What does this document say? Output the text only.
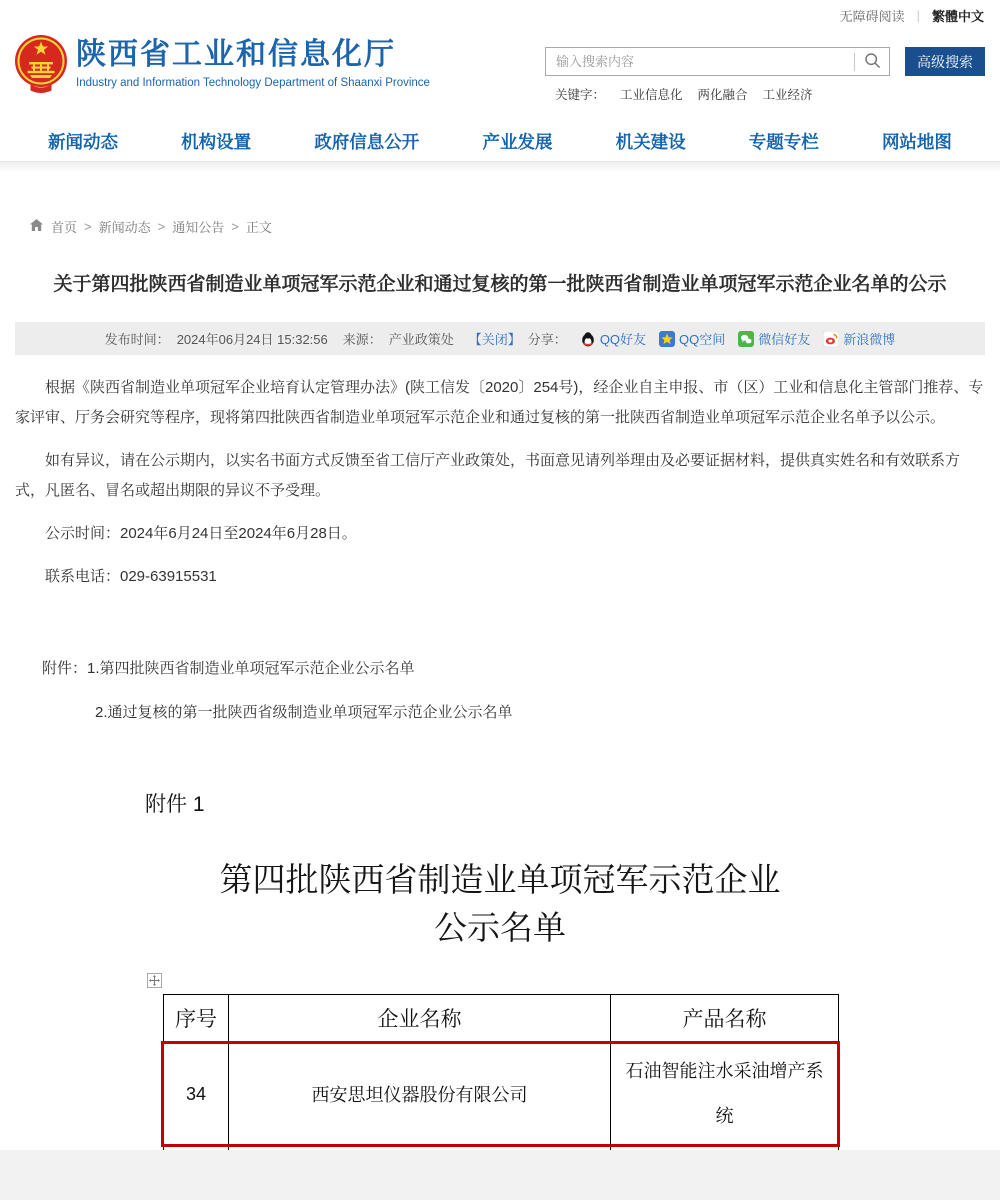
无障碍阅读 | 繁體中文
陕西省工业和信息化厅
Industry and Information Technology Department of Shaanxi Province
输入搜索内容
高级搜索
关键字： 工业信息化 两化融合 工业经济
新闻动态	机构设置	政府信息公开	产业发展	机关建设	专题专栏	网站地图
首页 > 新闻动态 > 通知公告 > 正文
关于第四批陕西省制造业单项冠军示范企业和通过复核的第一批陕西省制造业单项冠军示范企业名单的公示
发布时间： 2024年06月24日 15:32:56 来源： 产业政策处 【关闭】 分享：	QQ好友	QQ空间	微信好友	新浪微博

根据《陕西省制造业单项冠军企业培育认定管理办法》(陕工信发〔2020〕254号)，经企业自主申报、市（区）工业和信息化主管部门推荐、专家评审、厅务会研究等程序，现将第四批陕西省制造业单项冠军示范企业和通过复核的第一批陕西省制造业单项冠军示范企业名单予以公示。

如有异议，请在公示期内，以实名书面方式反馈至省工信厅产业政策处，书面意见请列举理由及必要证据材料，提供真实姓名和有效联系方式，凡匿名、冒名或超出期限的异议不予受理。

公示时间：2024年6月24日至2024年6月28日。
联系电话：029-63915531
附件：1.第四批陕西省制造业单项冠军示范企业公示名单
2.通过复核的第一批陕西省级制造业单项冠军示范企业公示名单
附件 1
第四批陕西省制造业单项冠军示范企业
公示名单
序号	企业名称	产品名称
34	西安思坦仪器股份有限公司	石油智能注水采油增产系统
